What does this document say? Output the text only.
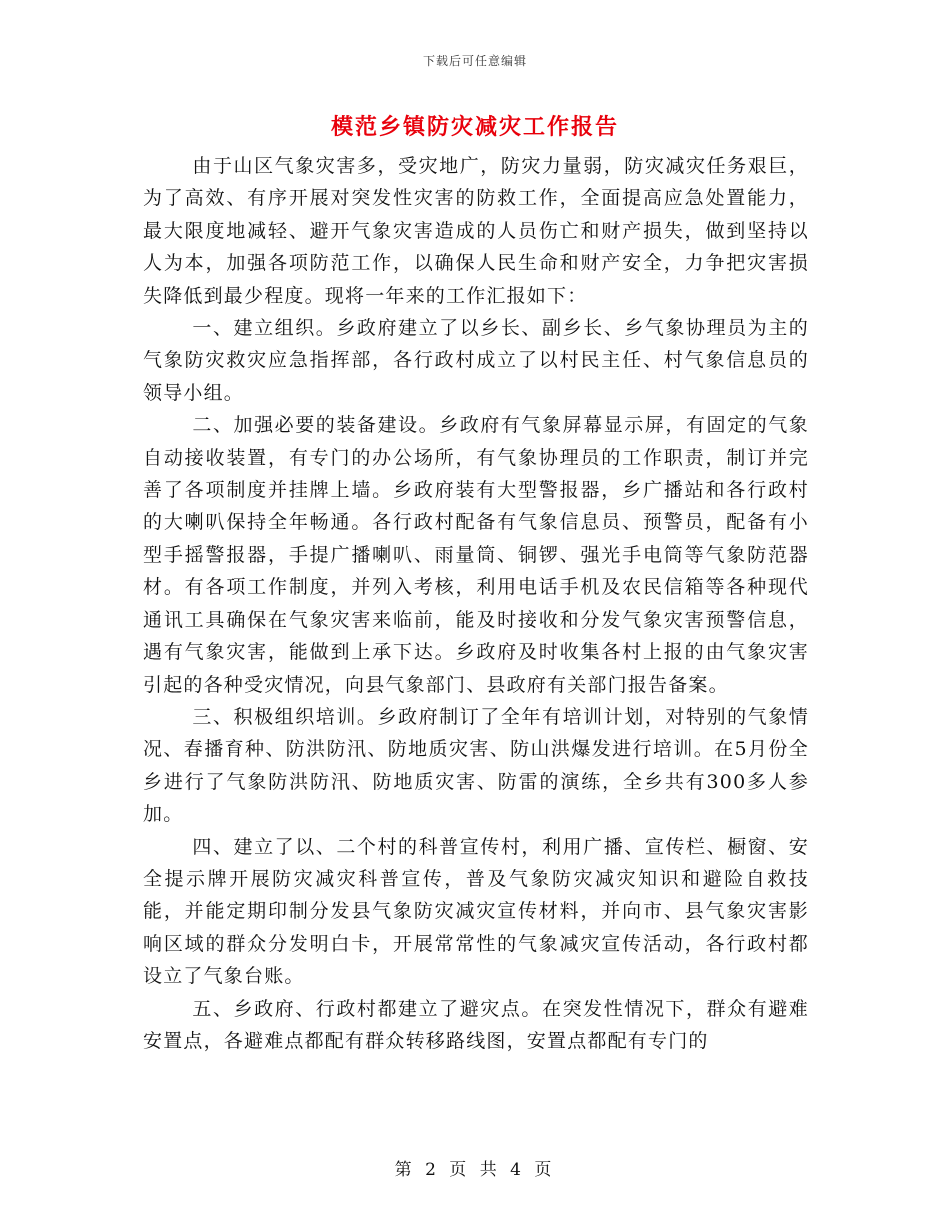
下载后可任意编辑
模范乡镇防灾减灾工作报告

由于山区气象灾害多，受灾地广，防灾力量弱，防灾减灾任务艰巨，为了高效、有序开展对突发性灾害的防救工作，全面提高应急处置能力，最大限度地减轻、避开气象灾害造成的人员伤亡和财产损失，做到坚持以人为本，加强各项防范工作，以确保人民生命和财产安全，力争把灾害损失降低到最少程度。现将一年来的工作汇报如下：

一、建立组织。乡政府建立了以乡长、副乡长、乡气象协理员为主的气象防灾救灾应急指挥部，各行政村成立了以村民主任、村气象信息员的领导小组。

二、加强必要的装备建设。乡政府有气象屏幕显示屏，有固定的气象自动接收装置，有专门的办公场所，有气象协理员的工作职责，制订并完善了各项制度并挂牌上墙。乡政府装有大型警报器，乡广播站和各行政村的大喇叭保持全年畅通。各行政村配备有气象信息员、预警员，配备有小型手摇警报器，手提广播喇叭、雨量筒、铜锣、强光手电筒等气象防范器材。有各项工作制度，并列入考核，利用电话手机及农民信箱等各种现代通讯工具确保在气象灾害来临前，能及时接收和分发气象灾害预警信息，遇有气象灾害，能做到上承下达。乡政府及时收集各村上报的由气象灾害引起的各种受灾情况，向县气象部门、县政府有关部门报告备案。

三、积极组织培训。乡政府制订了全年有培训计划，对特别的气象情况、春播育种、防洪防汛、防地质灾害、防山洪爆发进行培训。在5月份全乡进行了气象防洪防汛、防地质灾害、防雷的演练，全乡共有300多人参加。

四、建立了以、二个村的科普宣传村，利用广播、宣传栏、橱窗、安全提示牌开展防灾减灾科普宣传，普及气象防灾减灾知识和避险自救技能，并能定期印制分发县气象防灾减灾宣传材料，并向市、县气象灾害影响区域的群众分发明白卡，开展常常性的气象减灾宣传活动，各行政村都设立了气象台账。

五、乡政府、行政村都建立了避灾点。在突发性情况下，群众有避难安置点，各避难点都配有群众转移路线图，安置点都配有专门的

第 2 页 共 4 页
